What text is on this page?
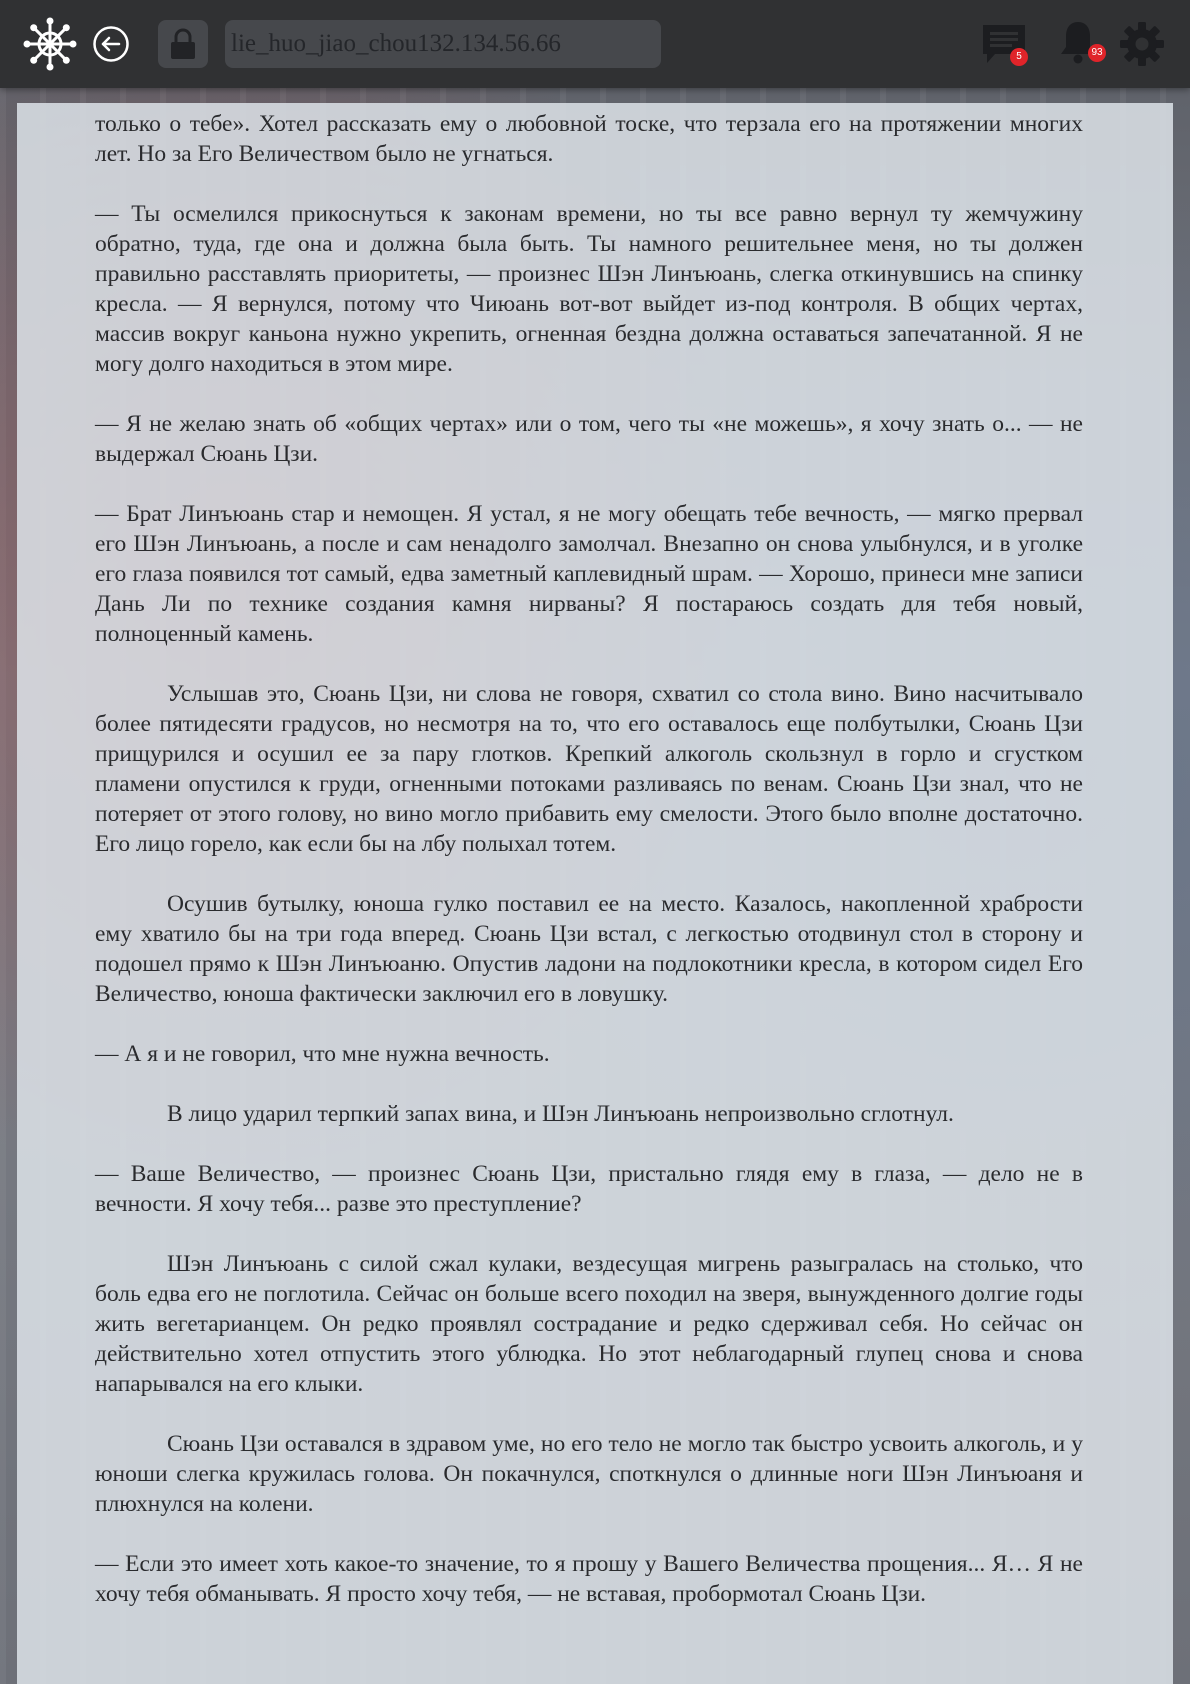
lie_huo_jiao_chou132.134.56.66	5	93

только о тебе». Хотел рассказать ему о любовной тоске, что терзала его на протяжении многих лет. Но за Его Величеством было не угнаться.

— Ты осмелился прикоснуться к законам времени, но ты все равно вернул ту жемчужину обратно, туда, где она и должна была быть. Ты намного решительнее меня, но ты должен правильно расставлять приоритеты, — произнес Шэн Линъюань, слегка откинувшись на спинку кресла. — Я вернулся, потому что Чиюань вот-вот выйдет из-под контроля. В общих чертах, массив вокруг каньона нужно укрепить, огненная бездна должна оставаться запечатанной. Я не могу долго находиться в этом мире.

— Я не желаю знать об «общих чертах» или о том, чего ты «не можешь», я хочу знать о... — не выдержал Сюань Цзи.

— Брат Линъюань стар и немощен. Я устал, я не могу обещать тебе вечность, — мягко прервал его Шэн Линъюань, а после и сам ненадолго замолчал. Внезапно он снова улыбнулся, и в уголке его глаза появился тот самый, едва заметный каплевидный шрам. — Хорошо, принеси мне записи Дань Ли по технике создания камня нирваны? Я постараюсь создать для тебя новый, полноценный камень.

Услышав это, Сюань Цзи, ни слова не говоря, схватил со стола вино. Вино насчитывало более пятидесяти градусов, но несмотря на то, что его оставалось еще полбутылки, Сюань Цзи прищурился и осушил ее за пару глотков. Крепкий алкоголь скользнул в горло и сгустком пламени опустился к груди, огненными потоками разливаясь по венам. Сюань Цзи знал, что не потеряет от этого голову, но вино могло прибавить ему смелости. Этого было вполне достаточно. Его лицо горело, как если бы на лбу полыхал тотем.

Осушив бутылку, юноша гулко поставил ее на место. Казалось, накопленной храбрости ему хватило бы на три года вперед. Сюань Цзи встал, с легкостью отодвинул стол в сторону и подошел прямо к Шэн Линъюаню. Опустив ладони на подлокотники кресла, в котором сидел Его Величество, юноша фактически заключил его в ловушку.

— А я и не говорил, что мне нужна вечность.

В лицо ударил терпкий запах вина, и Шэн Линъюань непроизвольно сглотнул.

— Ваше Величество, — произнес Сюань Цзи, пристально глядя ему в глаза, — дело не в вечности. Я хочу тебя... разве это преступление?

Шэн Линъюань с силой сжал кулаки, вездесущая мигрень разыгралась на столько, что боль едва его не поглотила. Сейчас он больше всего походил на зверя, вынужденного долгие годы жить вегетарианцем. Он редко проявлял сострадание и редко сдерживал себя. Но сейчас он действительно хотел отпустить этого ублюдка. Но этот неблагодарный глупец снова и снова напарывался на его клыки.

Сюань Цзи оставался в здравом уме, но его тело не могло так быстро усвоить алкоголь, и у юноши слегка кружилась голова. Он покачнулся, споткнулся о длинные ноги Шэн Линъюаня и плюхнулся на колени.

— Если это имеет хоть какое-то значение, то я прошу у Вашего Величества прощения... Я… Я не хочу тебя обманывать. Я просто хочу тебя, — не вставая, пробормотал Сюань Цзи.
